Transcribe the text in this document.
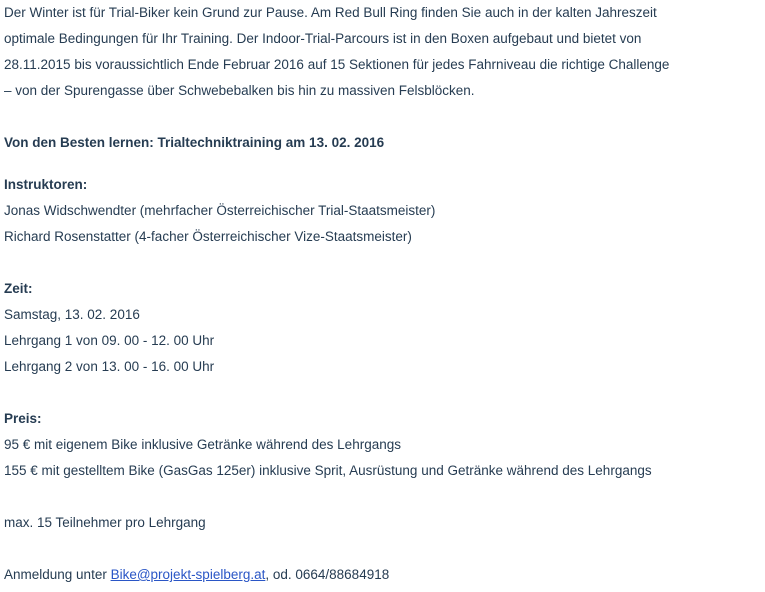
Der Winter ist für Trial-Biker kein Grund zur Pause. Am Red Bull Ring finden Sie auch in der kalten Jahreszeit
optimale Bedingungen für Ihr Training. Der Indoor-Trial-Parcours ist in den Boxen aufgebaut und bietet von
28.11.2015 bis voraussichtlich Ende Februar 2016 auf 15 Sektionen für jedes Fahrniveau die richtige Challenge
– von der Spurengasse über Schwebebalken bis hin zu massiven Felsblöcken.
Von den Besten lernen: Trialtechniktraining am 13. 02. 2016
Instruktoren:
Jonas Widschwendter (mehrfacher Österreichischer Trial-Staatsmeister)
Richard Rosenstatter (4-facher Österreichischer Vize-Staatsmeister)
Zeit:
Samstag, 13. 02. 2016
Lehrgang 1 von 09. 00 - 12. 00 Uhr
Lehrgang 2 von 13. 00 - 16. 00 Uhr
Preis:
95 € mit eigenem Bike inklusive Getränke während des Lehrgangs
155 € mit gestelltem Bike (GasGas 125er) inklusive Sprit, Ausrüstung und Getränke während des Lehrgangs
max. 15 Teilnehmer pro Lehrgang
Anmeldung unter Bike@projekt-spielberg.at, od. 0664/88684918
